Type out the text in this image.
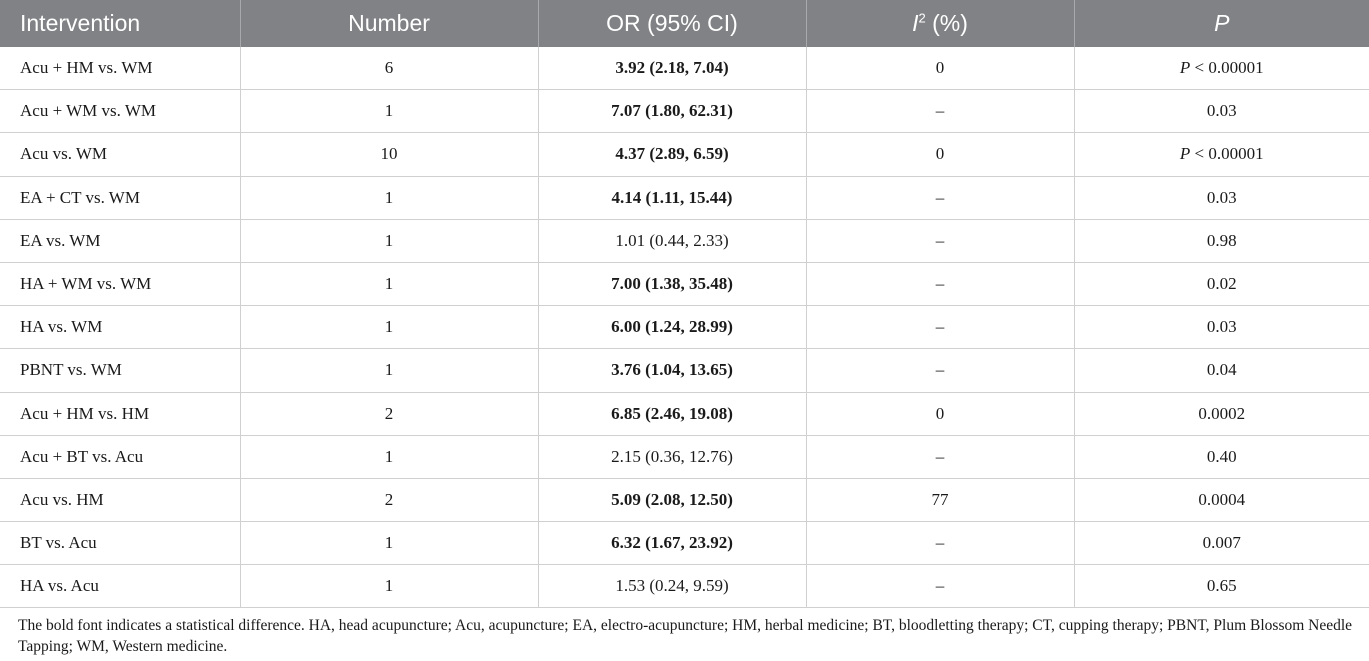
Intervention	Number	OR (95% CI)	$I^2$ (%)	P
Acu + HM vs. WM	6	3.92 (2.18, 7.04)	0	P < 0.00001
Acu + WM vs. WM	1	7.07 (1.80, 62.31)	–	0.03
Acu vs. WM	10	4.37 (2.89, 6.59)	0	P < 0.00001
EA + CT vs. WM	1	4.14 (1.11, 15.44)	–	0.03
EA vs. WM	1	1.01 (0.44, 2.33)	–	0.98
HA + WM vs. WM	1	7.00 (1.38, 35.48)	–	0.02
HA vs. WM	1	6.00 (1.24, 28.99)	–	0.03
PBNT vs. WM	1	3.76 (1.04, 13.65)	–	0.04
Acu + HM vs. HM	2	6.85 (2.46, 19.08)	0	0.0002
Acu + BT vs. Acu	1	2.15 (0.36, 12.76)	–	0.40
Acu vs. HM	2	5.09 (2.08, 12.50)	77	0.0004
BT vs. Acu	1	6.32 (1.67, 23.92)	–	0.007
HA vs. Acu	1	1.53 (0.24, 9.59)	–	0.65
The bold font indicates a statistical difference. HA, head acupuncture; Acu, acupuncture; EA, electro-acupuncture; HM, herbal medicine; BT, bloodletting therapy; CT, cupping therapy; PBNT, Plum Blossom Needle Tapping; WM, Western medicine.
